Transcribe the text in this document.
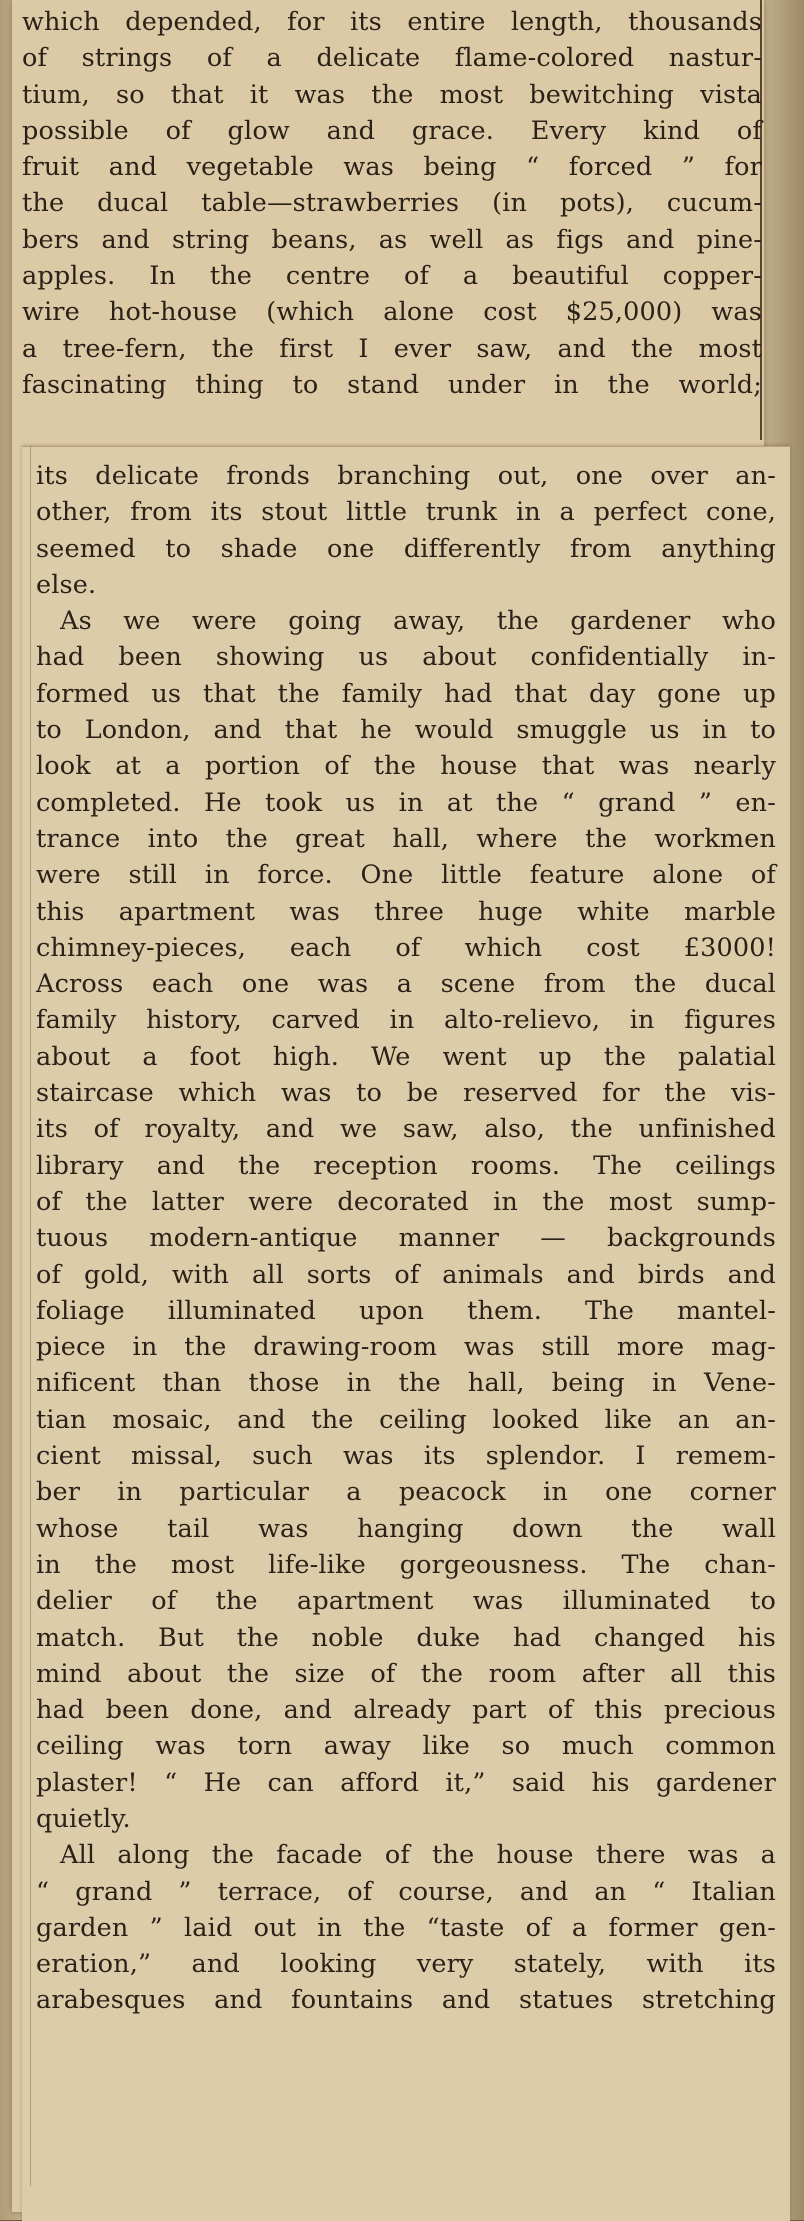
which depended, for its entire length, thousands
of strings of a delicate flame-colored nastur-
tium, so that it was the most bewitching vista
possible of glow and grace. Every kind of
fruit and vegetable was being “ forced ” for
the ducal table—strawberries (in pots), cucum-
bers and string beans, as well as figs and pine-
apples. In the centre of a beautiful copper-
wire hot-house (which alone cost $25,000) was
a tree-fern, the first I ever saw, and the most
fascinating thing to stand under in the world;
its delicate fronds branching out, one over an-
other, from its stout little trunk in a perfect cone,
seemed to shade one differently from anything
else.
As we were going away, the gardener who
had been showing us about confidentially in-
formed us that the family had that day gone up
to London, and that he would smuggle us in to
look at a portion of the house that was nearly
completed. He took us in at the “ grand ” en-
trance into the great hall, where the workmen
were still in force. One little feature alone of
this apartment was three huge white marble
chimney-pieces, each of which cost £3000!
Across each one was a scene from the ducal
family history, carved in alto-relievo, in figures
about a foot high. We went up the palatial
staircase which was to be reserved for the vis-
its of royalty, and we saw, also, the unfinished
library and the reception rooms. The ceilings
of the latter were decorated in the most sump-
tuous modern-antique manner — backgrounds
of gold, with all sorts of animals and birds and
foliage illuminated upon them. The mantel-
piece in the drawing-room was still more mag-
nificent than those in the hall, being in Vene-
tian mosaic, and the ceiling looked like an an-
cient missal, such was its splendor. I remem-
ber in particular a peacock in one corner
whose tail was hanging down the wall
in the most life-like gorgeousness. The chan-
delier of the apartment was illuminated to
match. But the noble duke had changed his
mind about the size of the room after all this
had been done, and already part of this precious
ceiling was torn away like so much common
plaster! “ He can afford it,” said his gardener
quietly.
All along the facade of the house there was a
“ grand ” terrace, of course, and an “ Italian
garden ” laid out in the “taste of a former gen-
eration,” and looking very stately, with its
arabesques and fountains and statues stretching
